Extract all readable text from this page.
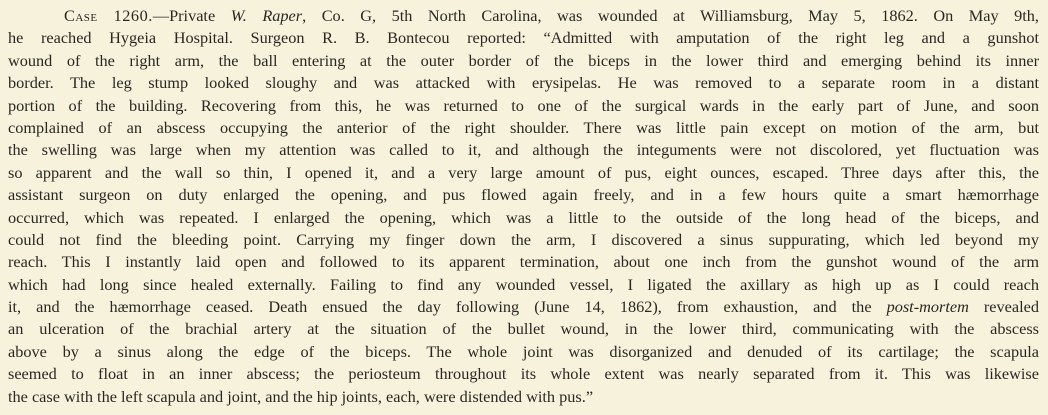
Case 1260.—Private W. Raper, Co. G, 5th North Carolina, was wounded at Williamsburg, May 5, 1862. On May 9th,
he reached Hygeia Hospital. Surgeon R. B. Bontecou reported: “Admitted with amputation of the right leg and a gunshot
wound of the right arm, the ball entering at the outer border of the biceps in the lower third and emerging behind its inner
border. The leg stump looked sloughy and was attacked with erysipelas. He was removed to a separate room in a distant
portion of the building. Recovering from this, he was returned to one of the surgical wards in the early part of June, and soon
complained of an abscess occupying the anterior of the right shoulder. There was little pain except on motion of the arm, but
the swelling was large when my attention was called to it, and although the integuments were not discolored, yet fluctuation was
so apparent and the wall so thin, I opened it, and a very large amount of pus, eight ounces, escaped. Three days after this, the
assistant surgeon on duty enlarged the opening, and pus flowed again freely, and in a few hours quite a smart hæmorrhage
occurred, which was repeated. I enlarged the opening, which was a little to the outside of the long head of the biceps, and
could not find the bleeding point. Carrying my finger down the arm, I discovered a sinus suppurating, which led beyond my
reach. This I instantly laid open and followed to its apparent termination, about one inch from the gunshot wound of the arm
which had long since healed externally. Failing to find any wounded vessel, I ligated the axillary as high up as I could reach
it, and the hæmorrhage ceased. Death ensued the day following (June 14, 1862), from exhaustion, and the post-mortem revealed
an ulceration of the brachial artery at the situation of the bullet wound, in the lower third, communicating with the abscess
above by a sinus along the edge of the biceps. The whole joint was disorganized and denuded of its cartilage; the scapula
seemed to float in an inner abscess; the periosteum throughout its whole extent was nearly separated from it. This was likewise
the case with the left scapula and joint, and the hip joints, each, were distended with pus.”
